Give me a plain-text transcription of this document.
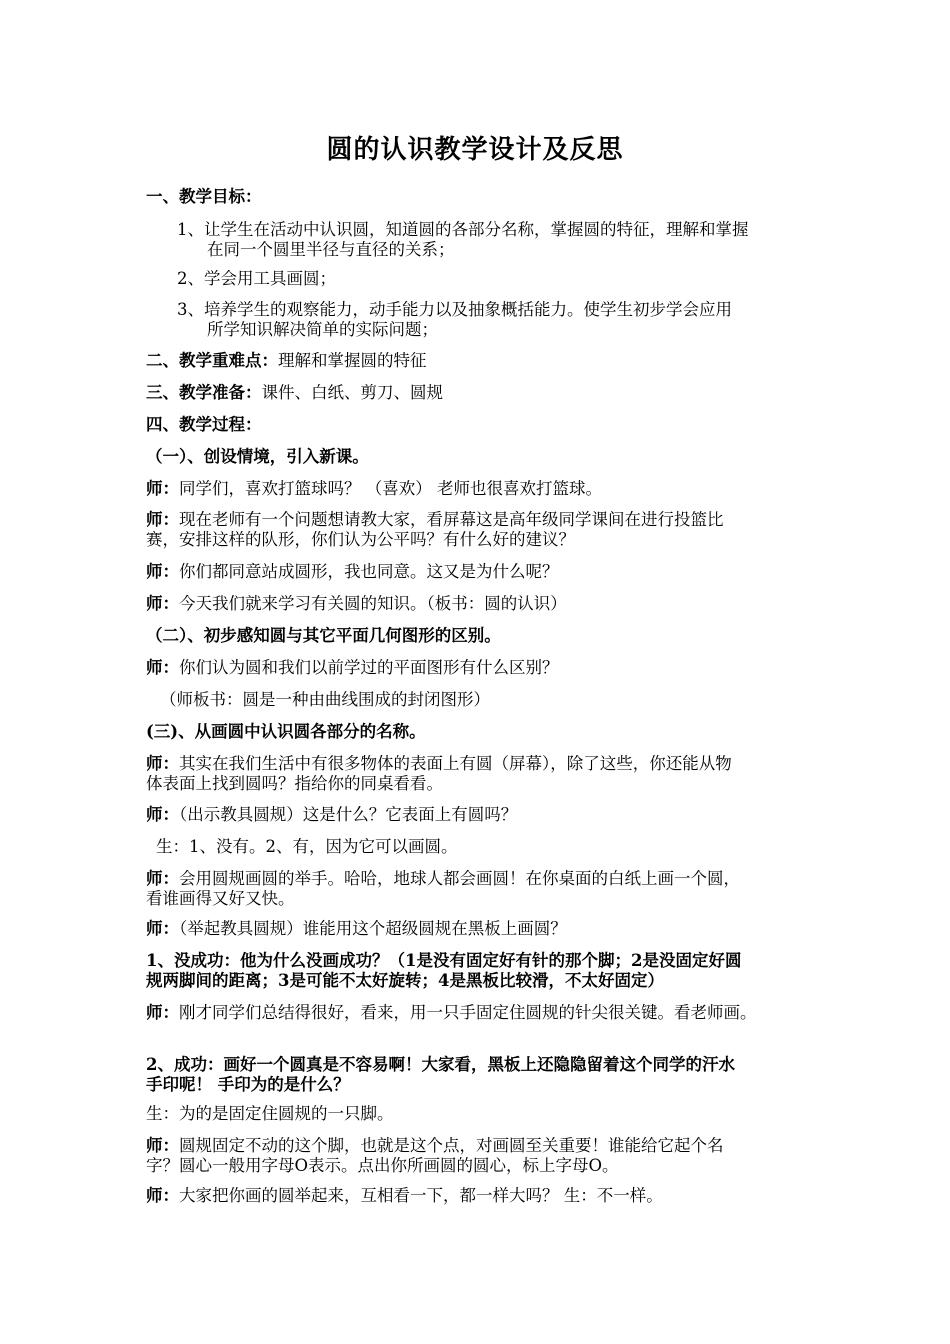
圆的认识教学设计及反思
一、教学目标：
1、让学生在活动中认识圆，知道圆的各部分名称，掌握圆的特征，理解和掌握
在同一个圆里半径与直径的关系；
2、学会用工具画圆；
3、培养学生的观察能力，动手能力以及抽象概括能力。使学生初步学会应用
所学知识解决简单的实际问题；
二、教学重难点：理解和掌握圆的特征
三、教学准备：课件、白纸、剪刀、圆规
四、教学过程：
（一）、创设情境，引入新课。
师：同学们，喜欢打篮球吗？ （喜欢） 老师也很喜欢打篮球。
师：现在老师有一个问题想请教大家，看屏幕这是高年级同学课间在进行投篮比
赛，安排这样的队形，你们认为公平吗？有什么好的建议？
师：你们都同意站成圆形，我也同意。这又是为什么呢？
师：今天我们就来学习有关圆的知识。（板书：圆的认识）
（二）、初步感知圆与其它平面几何图形的区别。
师：你们认为圆和我们以前学过的平面图形有什么区别？
（师板书：圆是一种由曲线围成的封闭图形）
(三)、从画圆中认识圆各部分的名称。
师：其实在我们生活中有很多物体的表面上有圆（屏幕），除了这些，你还能从物
体表面上找到圆吗？指给你的同桌看看。
师：（出示教具圆规）这是什么？它表面上有圆吗？
生：1、没有。2、有，因为它可以画圆。
师：会用圆规画圆的举手。哈哈，地球人都会画圆！在你桌面的白纸上画一个圆，
看谁画得又好又快。
师：（举起教具圆规）谁能用这个超级圆规在黑板上画圆？
1、没成功：他为什么没画成功？（1是没有固定好有针的那个脚；2是没固定好圆
规两脚间的距离；3是可能不太好旋转；4是黑板比较滑，不太好固定）
师：刚才同学们总结得很好，看来，用一只手固定住圆规的针尖很关键。看老师画。
2、成功：画好一个圆真是不容易啊！大家看，黑板上还隐隐留着这个同学的汗水
手印呢！ 手印为的是什么？
生：为的是固定住圆规的一只脚。
师：圆规固定不动的这个脚，也就是这个点，对画圆至关重要！谁能给它起个名
字？圆心一般用字母O表示。点出你所画圆的圆心，标上字母O。
师：大家把你画的圆举起来，互相看一下，都一样大吗？ 生：不一样。
